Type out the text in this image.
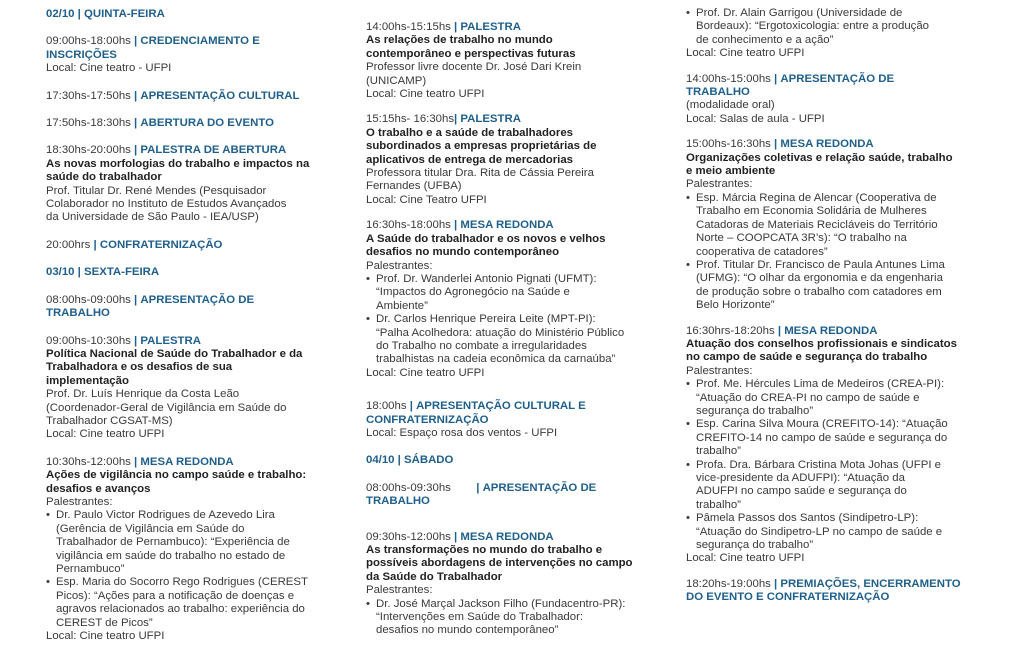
02/10 | QUINTA-FEIRA
09:00hs-18:00hs | CREDENCIAMENTO E
INSCRIÇÕES
Local: Cine teatro - UFPI
17:30hs-17:50hs | APRESENTAÇÃO CULTURAL
17:50hs-18:30hs | ABERTURA DO EVENTO
18:30hs-20:00hs | PALESTRA DE ABERTURA
As novas morfologias do trabalho e impactos na
saúde do trabalhador
Prof. Titular Dr. René Mendes (Pesquisador
Colaborador no Instituto de Estudos Avançados
da Universidade de São Paulo - IEA/USP)
20:00hrs | CONFRATERNIZAÇÃO
03/10 | SEXTA-FEIRA
08:00hs-09:00hs | APRESENTAÇÃO DE
TRABALHO
09:00hs-10:30hs | PALESTRA
Política Nacional de Saúde do Trabalhador e da
Trabalhadora e os desafios de sua
implementação
Prof. Dr. Luís Henrique da Costa Leão
(Coordenador-Geral de Vigilância em Saúde do
Trabalhador CGSAT-MS)
Local: Cine teatro UFPI
10:30hs-12:00hs | MESA REDONDA
Ações de vigilância no campo saúde e trabalho:
desafios e avanços
Palestrantes:
• Dr. Paulo Victor Rodrigues de Azevedo Lira
(Gerência de Vigilância em Saúde do
Trabalhador de Pernambuco): “Experiência de
vigilância em saúde do trabalho no estado de
Pernambuco”
• Esp. Maria do Socorro Rego Rodrigues (CEREST
Picos): “Ações para a notificação de doenças e
agravos relacionados ao trabalho: experiência do
CEREST de Picos”
Local: Cine teatro UFPI
14:00hs-15:15hs | PALESTRA
As relações de trabalho no mundo
contemporâneo e perspectivas futuras
Professor livre docente Dr. José Dari Krein
(UNICAMP)
Local: Cine teatro UFPI
15:15hs- 16:30hs| PALESTRA
O trabalho e a saúde de trabalhadores
subordinados a empresas proprietárias de
aplicativos de entrega de mercadorias
Professora titular Dra. Rita de Cássia Pereira
Fernandes (UFBA)
Local: Cine Teatro UFPI
16:30hs-18:00hs | MESA REDONDA
A Saúde do trabalhador e os novos e velhos
desafios no mundo contemporâneo
Palestrantes:
• Prof. Dr. Wanderlei Antonio Pignati (UFMT):
“Impactos do Agronegócio na Saúde e
Ambiente”
• Dr. Carlos Henrique Pereira Leite (MPT-PI):
“Palha Acolhedora: atuação do Ministério Público
do Trabalho no combate a irregularidades
trabalhistas na cadeia econômica da carnaúba”
Local: Cine teatro UFPI
18:00hs | APRESENTAÇÃO CULTURAL E
CONFRATERNIZAÇÃO
Local: Espaço rosa dos ventos - UFPI
04/10 | SÁBADO
08:00hs-09:30hs | APRESENTAÇÃO DE
TRABALHO
09:30hs-12:00hs | MESA REDONDA
As transformações no mundo do trabalho e
possíveis abordagens de intervenções no campo
da Saúde do Trabalhador
Palestrantes:
• Dr. José Marçal Jackson Filho (Fundacentro-PR):
“Intervenções em Saúde do Trabalhador:
desafios no mundo contemporâneo”
• Prof. Dr. Alain Garrigou (Universidade de
Bordeaux): “Ergotoxicologia: entre a produção
de conhecimento e a ação”
Local: Cine teatro UFPI
14:00hs-15:00hs | APRESENTAÇÃO DE
TRABALHO
(modalidade oral)
Local: Salas de aula - UFPI
15:00hs-16:30hs | MESA REDONDA
Organizações coletivas e relação saúde, trabalho
e meio ambiente
Palestrantes:
• Esp. Márcia Regina de Alencar (Cooperativa de
Trabalho em Economia Solidária de Mulheres
Catadoras de Materiais Recicláveis do Território
Norte – COOPCATA 3R’s): “O trabalho na
cooperativa de catadores”
• Prof. Titular Dr. Francisco de Paula Antunes Lima
(UFMG): “O olhar da ergonomia e da engenharia
de produção sobre o trabalho com catadores em
Belo Horizonte”
16:30hrs-18:20hs | MESA REDONDA
Atuação dos conselhos profissionais e sindicatos
no campo de saúde e segurança do trabalho
Palestrantes:
• Prof. Me. Hércules Lima de Medeiros (CREA-PI):
“Atuação do CREA-PI no campo de saúde e
segurança do trabalho”
• Esp. Carina Silva Moura (CREFITO-14): “Atuação
CREFITO-14 no campo de saúde e segurança do
trabalho”
• Profa. Dra. Bárbara Cristina Mota Johas (UFPI e
vice-presidente da ADUFPI): “Atuação da
ADUFPI no campo saúde e segurança do
trabalho”
• Pâmela Passos dos Santos (Sindipetro-LP):
“Atuação do Sindipetro-LP no campo de saúde e
segurança do trabalho”
Local: Cine teatro UFPI
18:20hs-19:00hs | PREMIAÇÕES, ENCERRAMENTO
DO EVENTO E CONFRATERNIZAÇÃO
